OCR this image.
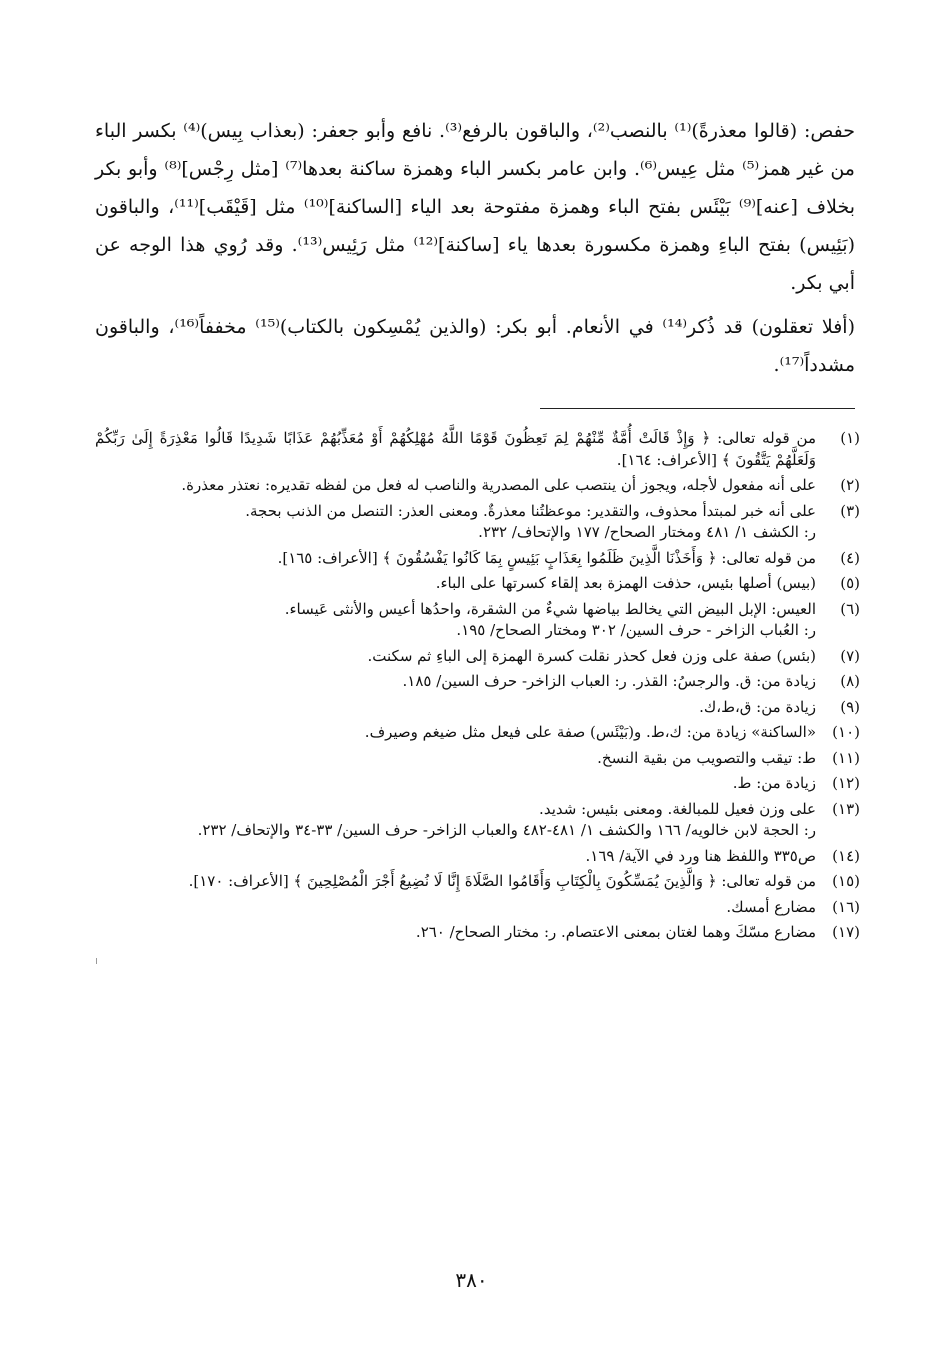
حفص: (قالوا معذرةً)⁽¹⁾ بالنصب⁽²⁾، والباقون بالرفع⁽³⁾. نافع وأبو جعفر: (بعذاب بِيس)⁽⁴⁾ بكسر الباء من غير همز⁽⁵⁾ مثل عِيس⁽⁶⁾. وابن عامر بكسر الباء وهمزة ساكنة بعدها⁽⁷⁾ [مثل رِجْس]⁽⁸⁾ وأبو بكر بخلاف [عنه]⁽⁹⁾ بَيْئَس بفتح الباء وهمزة مفتوحة بعد الياء [الساكنة]⁽¹⁰⁾ مثل [قَيْقَب]⁽¹¹⁾، والباقون (بَئِيس) بفتح الباءِ وهمزة مكسورة بعدها ياء [ساكنة]⁽¹²⁾ مثل رَئِيس⁽¹³⁾. وقد رُوي هذا الوجه عن أبي بكر.

(أفلا تعقلون) قد ذُكر⁽¹⁴⁾ في الأنعام. أبو بكر: (والذين يُمْسِكون بالكتاب)⁽¹⁵⁾ مخففاً⁽¹⁶⁾، والباقون مشدداً⁽¹⁷⁾.

(١)
من قوله تعالى: ﴿ وَإِذْ قَالَتْ أُمَّةٌ مِّنْهُمْ لِمَ تَعِظُونَ قَوْمًا اللَّهُ مُهْلِكُهُمْ أَوْ مُعَذِّبُهُمْ عَذَابًا شَدِيدًا قَالُوا مَعْذِرَةً إِلَىٰ رَبِّكُمْ وَلَعَلَّهُمْ يَتَّقُونَ ﴾ [الأعراف: ١٦٤].
(٢)
على أنه مفعول لأجله، ويجوز أن ينتصب على المصدرية والناصب له فعل من لفظه تقديره: نعتذر معذرة.
(٣)
على أنه خبر لمبتدأ محذوف، والتقدير: موعظتُنا معذرةٌ. ومعنى العذر: التنصل من الذنب بحجة.
ر: الكشف ١/ ٤٨١ ومختار الصحاح/ ١٧٧ والإتحاف/ ٢٣٢.
(٤)
من قوله تعالى: ﴿ وَأَخَذْنَا الَّذِينَ ظَلَمُوا بِعَذَابٍ بَئِيسٍ بِمَا كَانُوا يَفْسُقُونَ ﴾ [الأعراف: ١٦٥].
(٥)
(بيس) أصلها بئيس، حذفت الهمزة بعد إلقاء كسرتها على الباء.
(٦)
العيس: الإبل البيض التي يخالط بياضها شيءٌ من الشقرة، واحدُها أعيس والأنثى عَيساء.
ر: العُباب الزاخر - حرف السين/ ٣٠٢ ومختار الصحاح/ ١٩٥.
(٧)
(بئس) صفة على وزن فعل كحذر نقلت كسرة الهمزة إلى الباءِ ثم سكنت.
(٨)
زيادة من: ق. والرجسُ: القذر. ر: العباب الزاخر- حرف السين/ ١٨٥.
(٩)
زيادة من: ق،ط،ك.
(١٠)
«الساكنة» زيادة من: ك،ط. و(بَيْئَس) صفة على فيعل مثل ضيغم وصيرف.
(١١)
ط: تيقب والتصويب من بقية النسخ.
(١٢)
زيادة من: ط.
(١٣)
على وزن فعيل للمبالغة. ومعنى بئيس: شديد.
ر: الحجة لابن خالويه/ ١٦٦ والكشف ١/ ٤٨١-٤٨٢ والعباب الزاخر- حرف السين/ ٣٣-٣٤ والإتحاف/ ٢٣٢.
(١٤)
ص٣٣٥ واللفظ هنا ورد في الآية/ ١٦٩.
(١٥)
من قوله تعالى: ﴿ وَالَّذِينَ يُمَسِّكُونَ بِالْكِتَابِ وَأَقَامُوا الصَّلَاةَ إِنَّا لَا نُضِيعُ أَجْرَ الْمُصْلِحِينَ ﴾ [الأعراف: ١٧٠].
(١٦)
مضارع أمسك.
(١٧)
مضارع مسّكَ وهما لغتان بمعنى الاعتصام. ر: مختار الصحاح/ ٢٦٠.
٣٨٠
